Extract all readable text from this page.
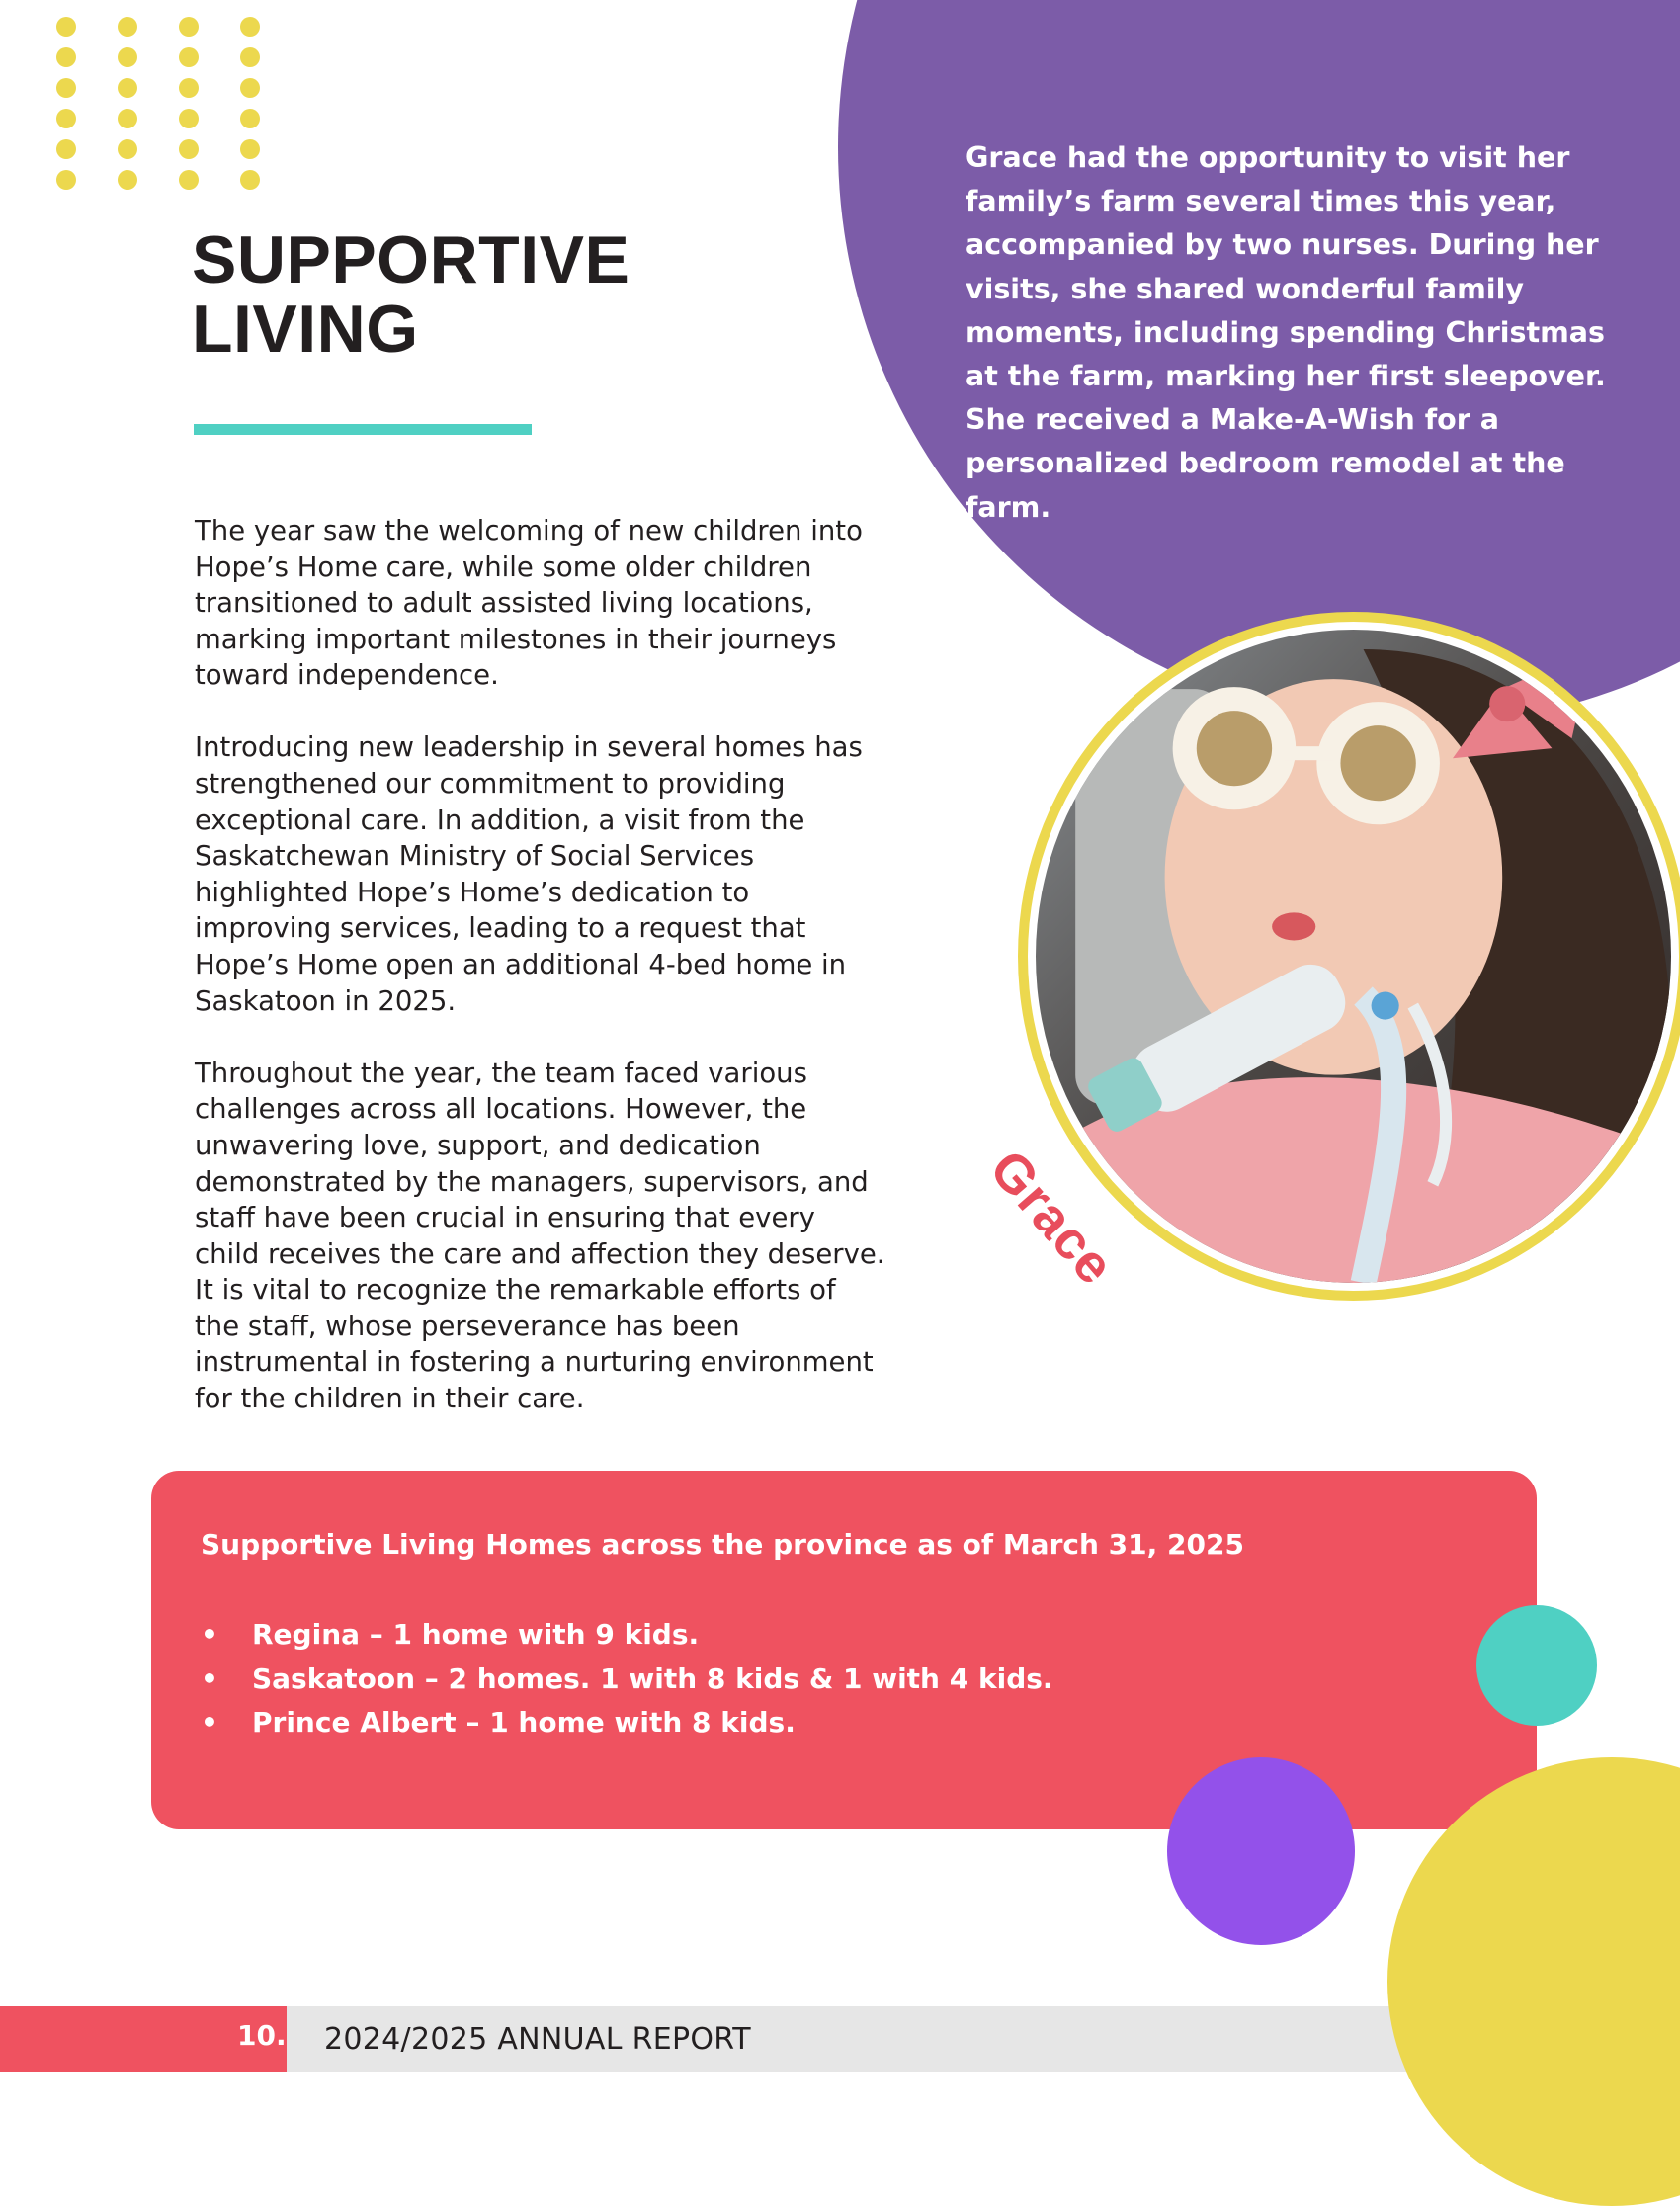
Grace had the opportunity to visit her family’s farm several times this year, accompanied by two nurses. During her visits, she shared wonderful family moments, including spending Christmas at the farm, marking her first sleepover. She received a Make-A-Wish for a personalized bedroom remodel at the farm.

SUPPORTIVE
LIVING

The year saw the welcoming of new children into Hope’s Home care, while some older children transitioned to adult assisted living locations, marking important milestones in their journeys toward independence.

Introducing new leadership in several homes has strengthened our commitment to providing exceptional care. In addition, a visit from the Saskatchewan Ministry of Social Services highlighted Hope’s Home’s dedication to improving services, leading to a request that Hope’s Home open an additional 4-bed home in Saskatoon in 2025.

Throughout the year, the team faced various challenges across all locations. However, the unwavering love, support, and dedication demonstrated by the managers, supervisors, and staff have been crucial in ensuring that every child receives the care and affection they deserve. It is vital to recognize the remarkable efforts of the staff, whose perseverance has been instrumental in fostering a nurturing environment for the children in their care.

Grace
Supportive Living Homes across the province as of March 31, 2025
• Regina – 1 home with 9 kids.
• Saskatoon – 2 homes. 1 with 8 kids & 1 with 4 kids.
• Prince Albert – 1 home with 8 kids.
10. 2024/2025 ANNUAL REPORT
